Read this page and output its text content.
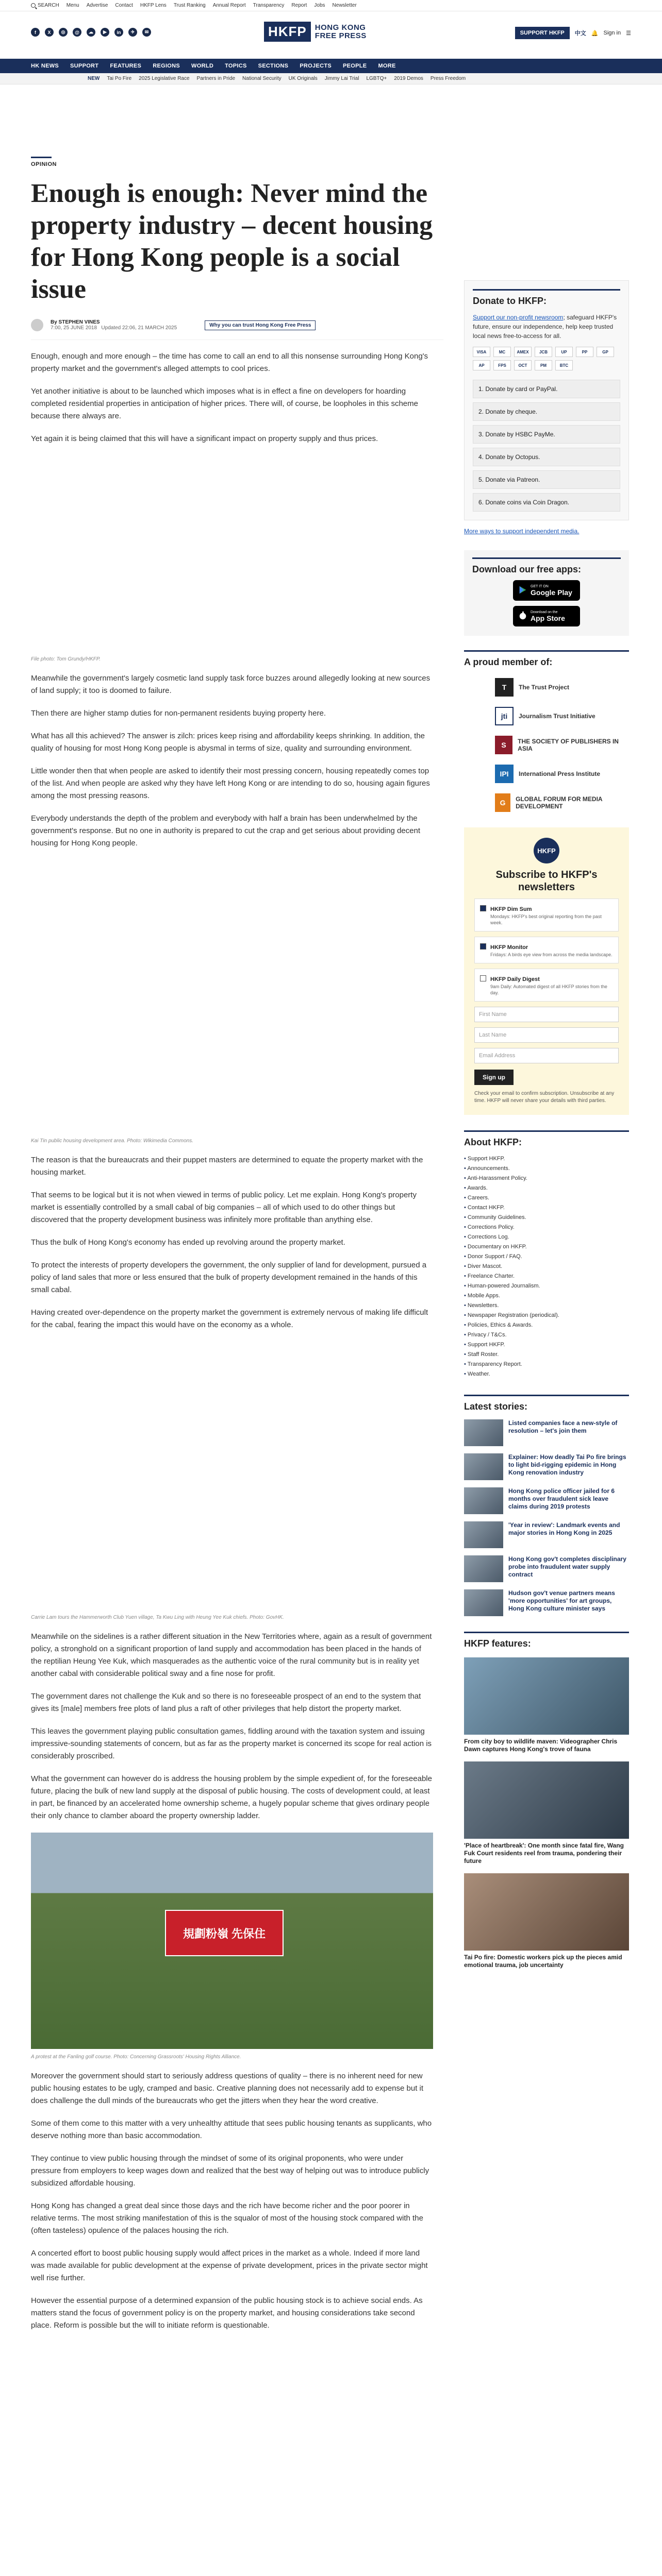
SEARCH Menu Advertise Contact HKFP Lens Trust Ranking Annual Report Transparency Report Jobs Newsletter
f	X	◎	@	☁	▶	in	✈	✉	HKFP	HONG KONG
FREE PRESS	SUPPORT HKFP	中文 🔔 Sign in ☰
HK NEWS SUPPORT FEATURES REGIONS WORLD TOPICS SECTIONS PROJECTS PEOPLE MORE
NEW Tai Po Fire 2025 Legislative Race Partners in Pride National Security UK Originals Jimmy Lai Trial LGBTQ+ 2019 Demos Press Freedom
OPINION
Enough is enough: Never mind the property industry – decent housing for Hong Kong people is a social issue
By STEPHEN VINES
7:00, 25 JUNE 2018 Updated 22:06, 21 MARCH 2025	Why you can trust Hong Kong Free Press

Enough, enough and more enough – the time has come to call an end to all this nonsense surrounding Hong Kong's property market and the government's alleged attempts to cool prices.

Yet another initiative is about to be launched which imposes what is in effect a fine on developers for hoarding completed residential properties in anticipation of higher prices. There will, of course, be loopholes in this scheme because there always are.

Yet again it is being claimed that this will have a significant impact on property supply and thus prices.

File photo: Tom Grundy/HKFP.

Meanwhile the government's largely cosmetic land supply task force buzzes around allegedly looking at new sources of land supply; it too is doomed to failure.

Then there are higher stamp duties for non-permanent residents buying property here.

What has all this achieved? The answer is zilch: prices keep rising and affordability keeps shrinking. In addition, the quality of housing for most Hong Kong people is abysmal in terms of size, quality and surrounding environment.

Little wonder then that when people are asked to identify their most pressing concern, housing repeatedly comes top of the list. And when people are asked why they have left Hong Kong or are intending to do so, housing again figures among the most pressing reasons.

Everybody understands the depth of the problem and everybody with half a brain has been underwhelmed by the government's response. But no one in authority is prepared to cut the crap and get serious about providing decent housing for Hong Kong people.

Kai Tin public housing development area. Photo: Wikimedia Commons.

The reason is that the bureaucrats and their puppet masters are determined to equate the property market with the housing market.

That seems to be logical but it is not when viewed in terms of public policy. Let me explain. Hong Kong's property market is essentially controlled by a small cabal of big companies – all of which used to do other things but discovered that the property development business was infinitely more profitable than anything else.

Thus the bulk of Hong Kong's economy has ended up revolving around the property market.

To protect the interests of property developers the government, the only supplier of land for development, pursued a policy of land sales that more or less ensured that the bulk of property development remained in the hands of this small cabal.

Having created over-dependence on the property market the government is extremely nervous of making life difficult for the cabal, fearing the impact this would have on the economy as a whole.

Carrie Lam tours the Hammerworth Club Yuen village, Ta Kwu Ling with Heung Yee Kuk chiefs. Photo: GovHK.

Meanwhile on the sidelines is a rather different situation in the New Territories where, again as a result of government policy, a stronghold on a significant proportion of land supply and accommodation has been placed in the hands of the reptilian Heung Yee Kuk, which masquerades as the authentic voice of the rural community but is in reality yet another cabal with considerable political sway and a fine nose for profit.

The government dares not challenge the Kuk and so there is no foreseeable prospect of an end to the system that gives its [male] members free plots of land plus a raft of other privileges that help distort the property market.

This leaves the government playing public consultation games, fiddling around with the taxation system and issuing impressive-sounding statements of concern, but as far as the property market is concerned its scope for real action is considerably proscribed.

What the government can however do is address the housing problem by the simple expedient of, for the foreseeable future, placing the bulk of new land supply at the disposal of public housing. The costs of development could, at least in part, be financed by an accelerated home ownership scheme, a hugely popular scheme that gives ordinary people their only chance to clamber aboard the property ownership ladder.

規劃粉嶺 先保住

A protest at the Fanling golf course. Photo: Concerning Grassroots' Housing Rights Alliance.

Moreover the government should start to seriously address questions of quality – there is no inherent need for new public housing estates to be ugly, cramped and basic. Creative planning does not necessarily add to expense but it does challenge the dull minds of the bureaucrats who get the jitters when they hear the word creative.

Some of them come to this matter with a very unhealthy attitude that sees public housing tenants as supplicants, who deserve nothing more than basic accommodation.

They continue to view public housing through the mindset of some of its original proponents, who were under pressure from employers to keep wages down and realized that the best way of helping out was to introduce publicly subsidized affordable housing.

Hong Kong has changed a great deal since those days and the rich have become richer and the poor poorer in relative terms. The most striking manifestation of this is the squalor of most of the housing stock compared with the (often tasteless) opulence of the palaces housing the rich.

A concerted effort to boost public housing supply would affect prices in the market as a whole. Indeed if more land was made available for public development at the expense of private development, prices in the private sector might well rise further.

However the essential purpose of a determined expansion of the public housing stock is to achieve social ends. As matters stand the focus of government policy is on the property market, and housing considerations take second place. Reform is possible but the will to initiate reform is questionable.

Donate to HKFP:

Support our non-profit newsroom; safeguard HKFP's future, ensure our independence, help keep trusted local news free-to-access for all.

VISA	MC	AMEX	JCB	UP	PP	GP
AP	FPS	OCT	PM	BTC
1. Donate by card or PayPal.
2. Donate by cheque.
3. Donate by HSBC PayMe.
4. Donate by Octopus.
5. Donate via Patreon.
6. Donate coins via Coin Dragon.
More ways to support independent media.
Download our free apps:
GET IT ON
Google Play
Download on the
App Store
A proud member of:
T	The Trust Project
jti	Journalism Trust Initiative
S	THE SOCIETY OF PUBLISHERS IN ASIA
IPI	International Press Institute
G	GLOBAL FORUM FOR MEDIA DEVELOPMENT
HKFP
Subscribe to HKFP's newsletters
HKFP Dim Sum
Mondays: HKFP's best original reporting from the past week.
HKFP Monitor
Fridays: A birds eye view from across the media landscape.
HKFP Daily Digest
9am Daily: Automated digest of all HKFP stories from the day.
First Name
Last Name
Email Address
Sign up

Check your email to confirm subscription. Unsubscribe at any time. HKFP will never share your details with third parties.

About HKFP:
• Support HKFP.
• Announcements.
• Anti-Harassment Policy.
• Awards.
• Careers.
• Contact HKFP.
• Community Guidelines.
• Corrections Policy.
• Corrections Log.
• Documentary on HKFP.
• Donor Support / FAQ.
• Diver Mascot.
• Freelance Charter.
• Human-powered Journalism.
• Mobile Apps.
• Newsletters.
• Newspaper Registration (periodical).
• Policies, Ethics & Awards.
• Privacy / T&Cs.
• Support HKFP.
• Staff Roster.
• Transparency Report.
• Weather.
Latest stories:
Listed companies face a new-style of resolution – let's join them
Explainer: How deadly Tai Po fire brings to light bid-rigging epidemic in Hong Kong renovation industry
Hong Kong police officer jailed for 6 months over fraudulent sick leave claims during 2019 protests
'Year in review': Landmark events and major stories in Hong Kong in 2025
Hong Kong gov't completes disciplinary probe into fraudulent water supply contract
Hudson gov't venue partners means 'more opportunities' for art groups, Hong Kong culture minister says
HKFP features:
From city boy to wildlife maven: Videographer Chris Dawn captures Hong Kong's trove of fauna
'Place of heartbreak': One month since fatal fire, Wang Fuk Court residents reel from trauma, pondering their future
Tai Po fire: Domestic workers pick up the pieces amid emotional trauma, job uncertainty
